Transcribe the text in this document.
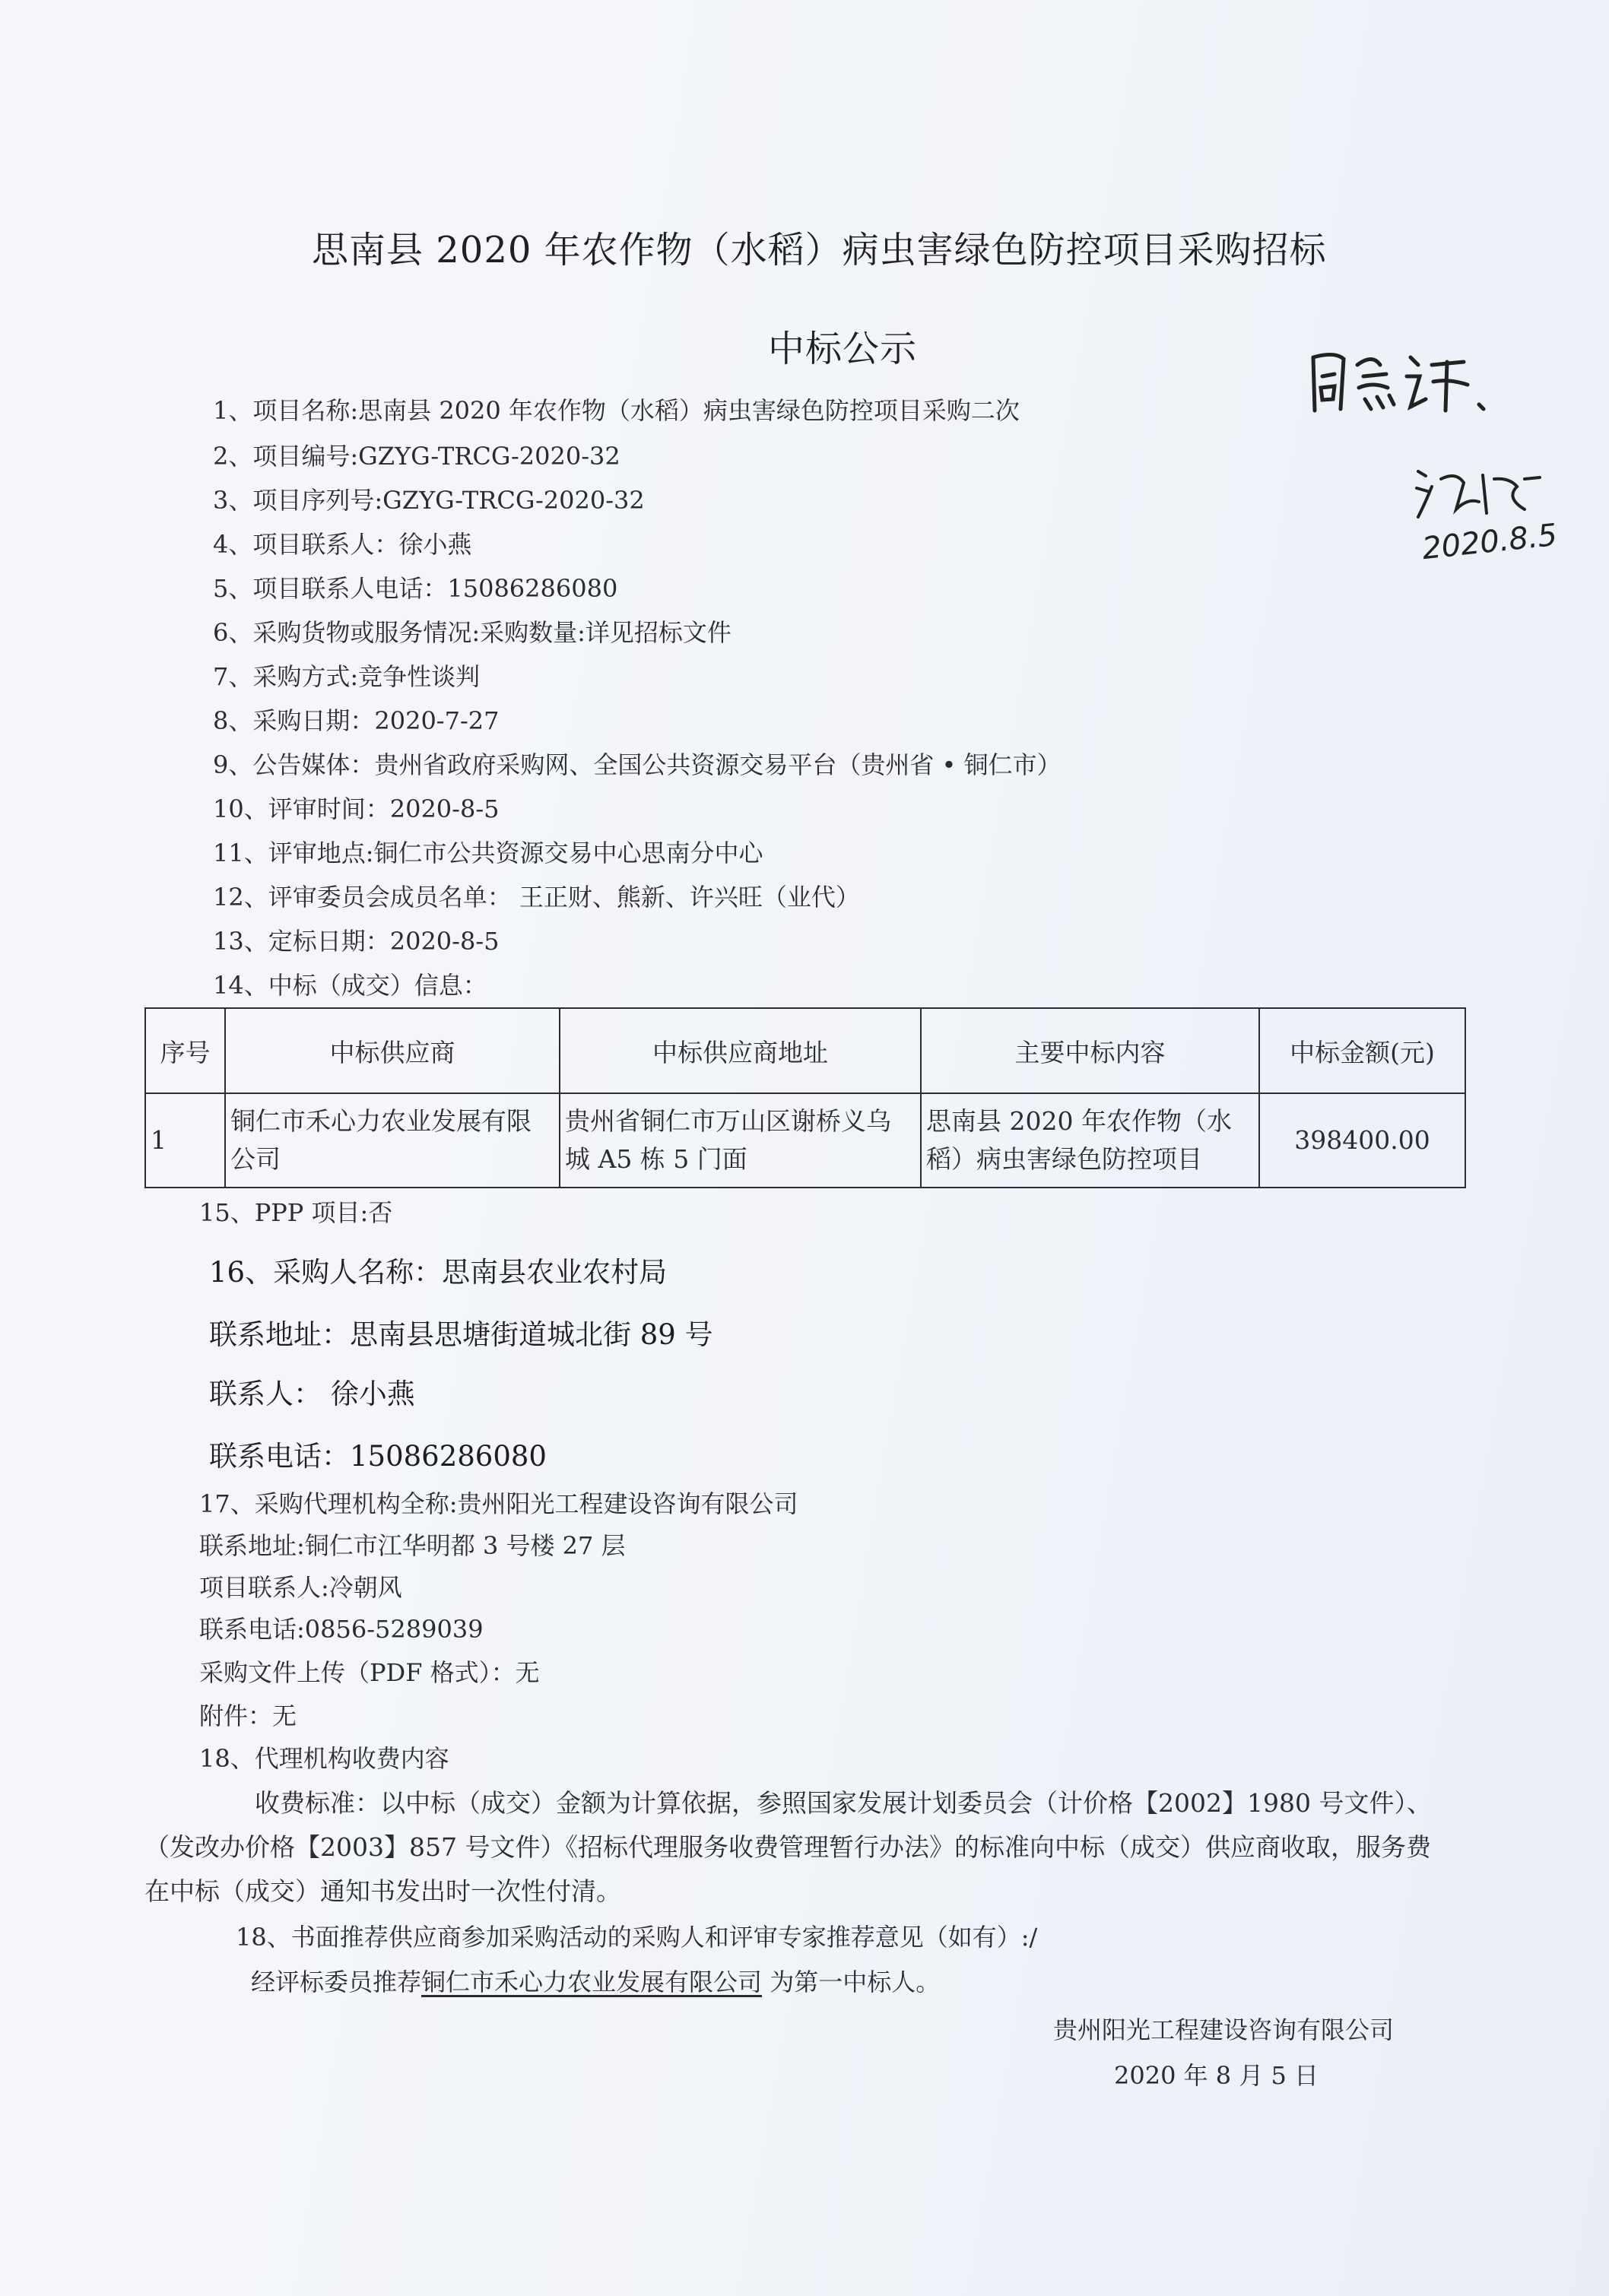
思南县 2020 年农作物（水稻）病虫害绿色防控项目采购招标
中标公示
2020.8.5
1、项目名称:思南县 2020 年农作物（水稻）病虫害绿色防控项目采购二次
2、项目编号:GZYG-TRCG-2020-32
3、项目序列号:GZYG-TRCG-2020-32
4、项目联系人：徐小燕
5、项目联系人电话：15086286080
6、采购货物或服务情况:采购数量:详见招标文件
7、采购方式:竞争性谈判
8、采购日期：2020-7-27
9、公告媒体：贵州省政府采购网、全国公共资源交易平台（贵州省 • 铜仁市）
10、评审时间：2020-8-5
11、评审地点:铜仁市公共资源交易中心思南分中心
12、评审委员会成员名单： 王正财、熊新、许兴旺（业代）
13、定标日期：2020-8-5
14、中标（成交）信息：
序号	中标供应商	中标供应商地址	主要中标内容	中标金额(元)
1	铜仁市禾心力农业发展有限公司	贵州省铜仁市万山区谢桥义乌城 A5 栋 5 门面	思南县 2020 年农作物（水稻）病虫害绿色防控项目	398400.00
15、PPP 项目:否
16、采购人名称：思南县农业农村局
联系地址：思南县思塘街道城北街 89 号
联系人： 徐小燕
联系电话：15086286080
17、采购代理机构全称:贵州阳光工程建设咨询有限公司
联系地址:铜仁市江华明都 3 号楼 27 层
项目联系人:冷朝风
联系电话:0856-5289039
采购文件上传（PDF 格式）：无
附件：无
18、代理机构收费内容
收费标准：以中标（成交）金额为计算依据，参照国家发展计划委员会（计价格【2002】1980 号文件）、（发改办价格【2003】857 号文件）《招标代理服务收费管理暂行办法》的标准向中标（成交）供应商收取，服务费在中标（成交）通知书发出时一次性付清。
18、书面推荐供应商参加采购活动的采购人和评审专家推荐意见（如有）:/
经评标委员推荐铜仁市禾心力农业发展有限公司 为第一中标人。
贵州阳光工程建设咨询有限公司
2020 年 8 月 5 日
